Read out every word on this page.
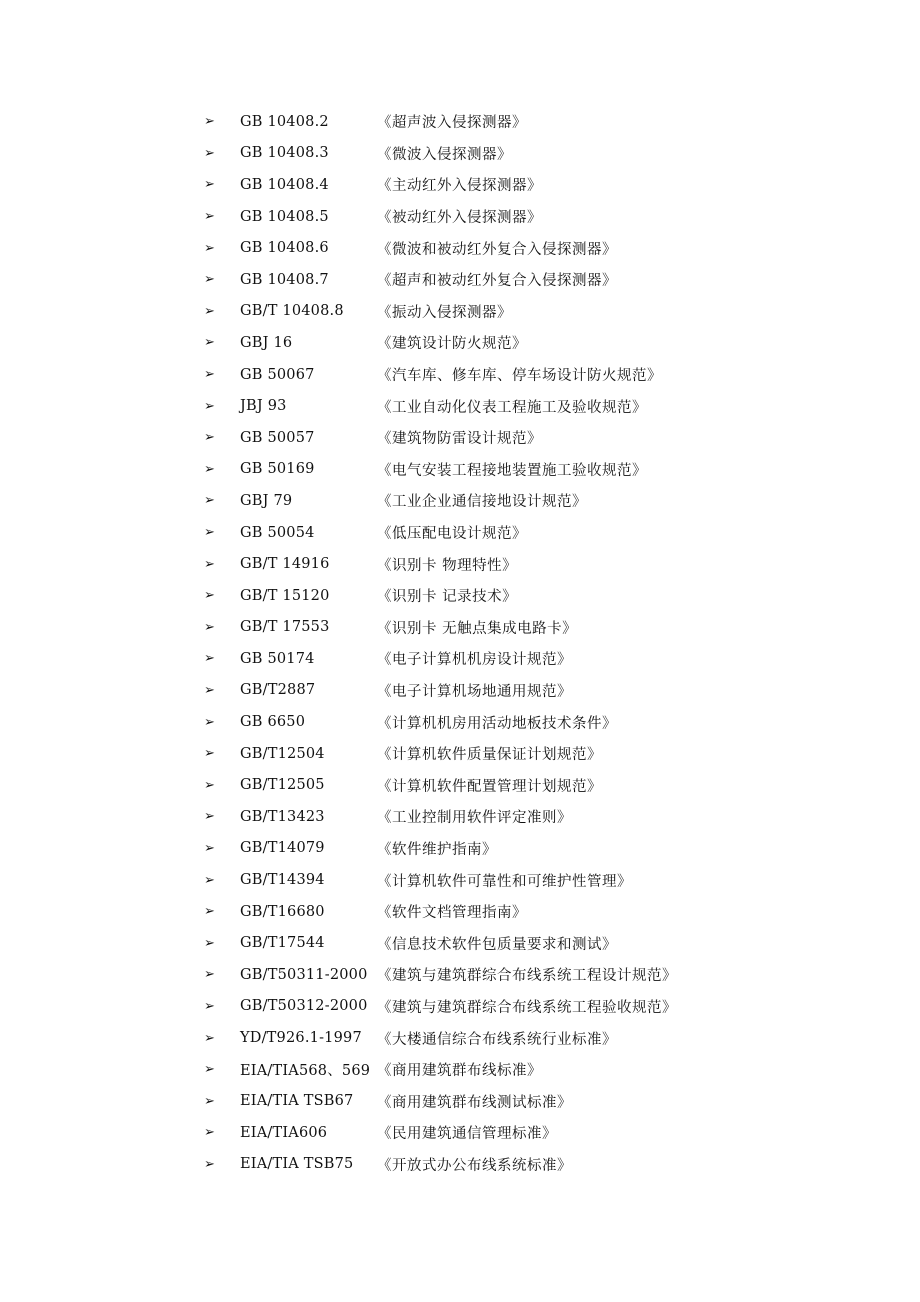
➢	GB 10408.2	《超声波入侵探测器》
➢	GB 10408.3	《微波入侵探测器》
➢	GB 10408.4	《主动红外入侵探测器》
➢	GB 10408.5	《被动红外入侵探测器》
➢	GB 10408.6	《微波和被动红外复合入侵探测器》
➢	GB 10408.7	《超声和被动红外复合入侵探测器》
➢	GB/T 10408.8	《振动入侵探测器》
➢	GBJ 16	《建筑设计防火规范》
➢	GB 50067	《汽车库、修车库、停车场设计防火规范》
➢	JBJ 93	《工业自动化仪表工程施工及验收规范》
➢	GB 50057	《建筑物防雷设计规范》
➢	GB 50169	《电气安装工程接地装置施工验收规范》
➢	GBJ 79	《工业企业通信接地设计规范》
➢	GB 50054	《低压配电设计规范》
➢	GB/T 14916	《识别卡 物理特性》
➢	GB/T 15120	《识别卡 记录技术》
➢	GB/T 17553	《识别卡 无触点集成电路卡》
➢	GB 50174	《电子计算机机房设计规范》
➢	GB/T2887	《电子计算机场地通用规范》
➢	GB 6650	《计算机机房用活动地板技术条件》
➢	GB/T12504	《计算机软件质量保证计划规范》
➢	GB/T12505	《计算机软件配置管理计划规范》
➢	GB/T13423	《工业控制用软件评定准则》
➢	GB/T14079	《软件维护指南》
➢	GB/T14394	《计算机软件可靠性和可维护性管理》
➢	GB/T16680	《软件文档管理指南》
➢	GB/T17544	《信息技术软件包质量要求和测试》
➢	GB/T50311-2000 《建筑与建筑群综合布线系统工程设计规范》
➢	GB/T50312-2000 《建筑与建筑群综合布线系统工程验收规范》
➢	YD/T926.1-1997	《大楼通信综合布线系统行业标准》
➢	EIA/TIA568、569 《商用建筑群布线标准》
➢	EIA/TIA TSB67	《商用建筑群布线测试标准》
➢	EIA/TIA606	《民用建筑通信管理标准》
➢	EIA/TIA TSB75	《开放式办公布线系统标准》
